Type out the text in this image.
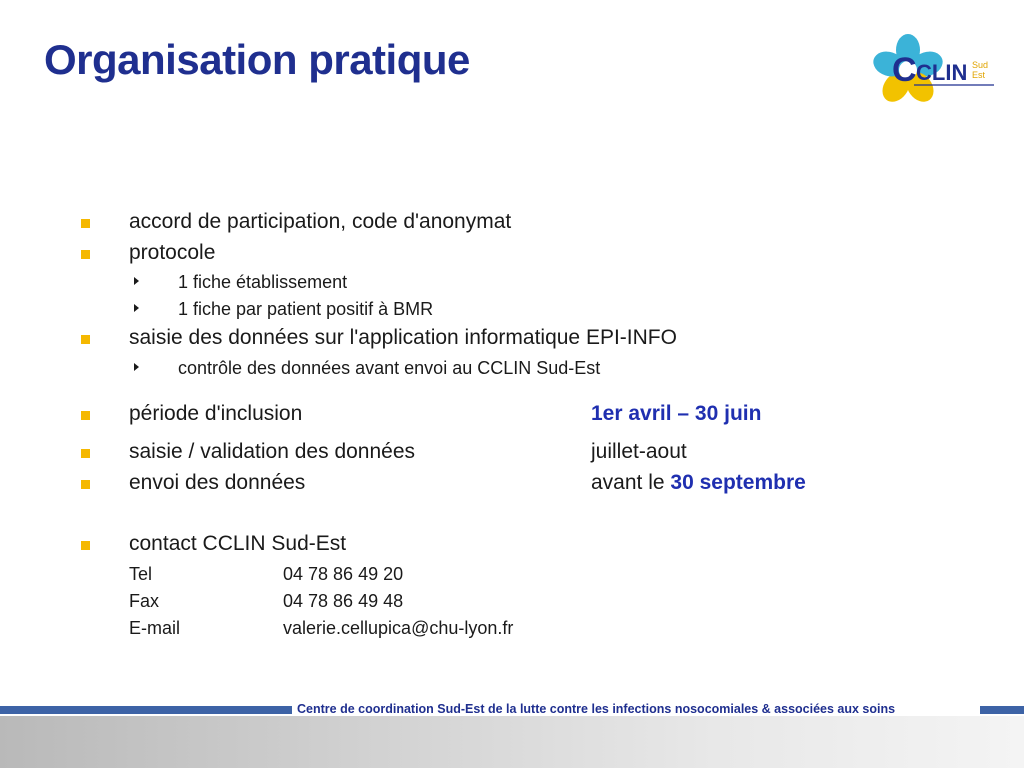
Organisation pratique	C CLIN Sud
Est
accord de participation, code d'anonymat
protocole
1 fiche établissement
1 fiche par patient positif à BMR
saisie des données sur l'application informatique EPI-INFO
contrôle des données avant envoi au CCLIN Sud-Est
période d'inclusion	1er avril – 30 juin
saisie / validation des données	juillet-aout
envoi des données	avant le 30 septembre
contact CCLIN Sud-Est
Tel	04 78 86 49 20
Fax	04 78 86 49 48
E-mail	valerie.cellupica@chu-lyon.fr
Centre de coordination Sud-Est de la lutte contre les infections nosocomiales & associées aux soins
